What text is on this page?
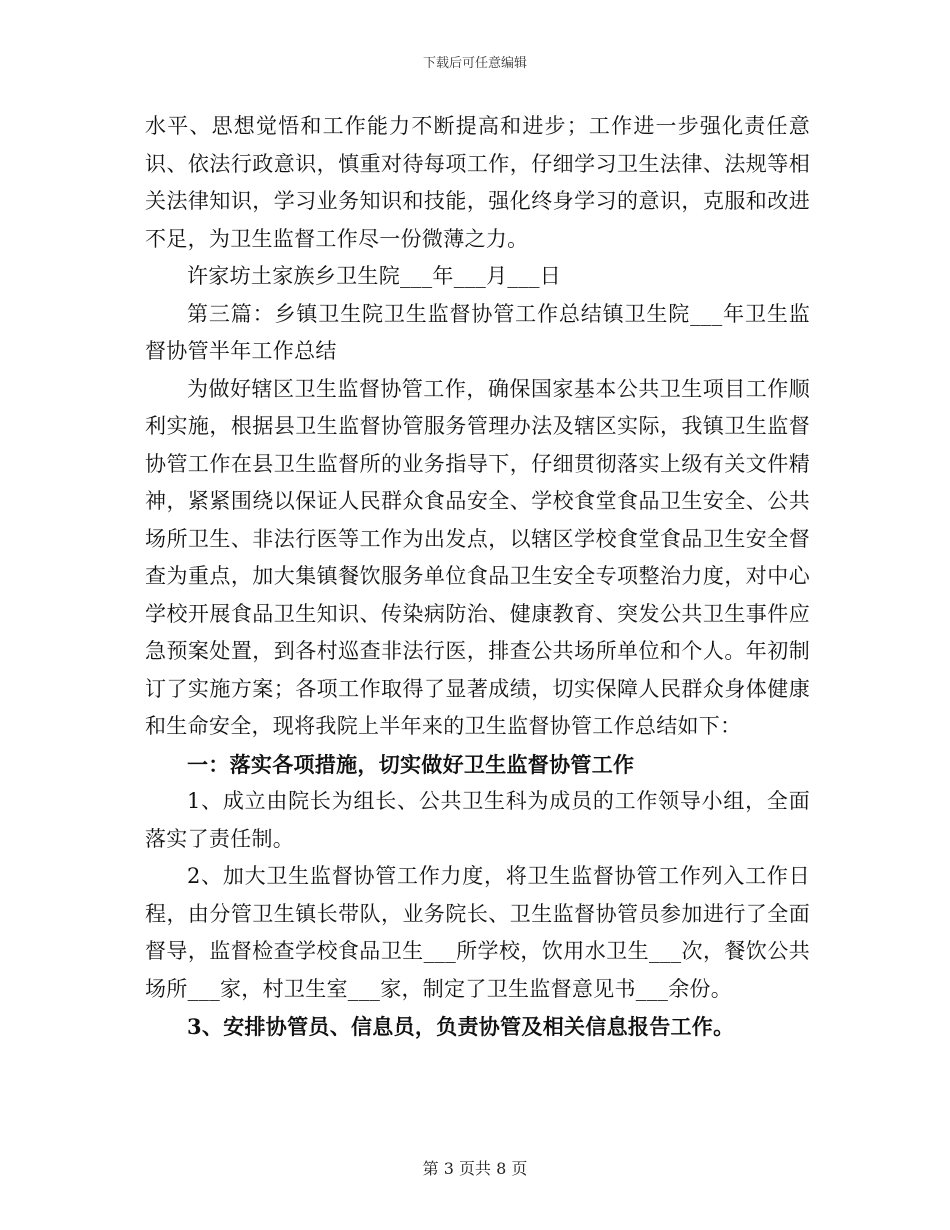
下载后可任意编辑

水平、思想觉悟和工作能力不断提高和进步；工作进一步强化责任意识、依法行政意识，慎重对待每项工作，仔细学习卫生法律、法规等相关法律知识，学习业务知识和技能，强化终身学习的意识，克服和改进不足，为卫生监督工作尽一份微薄之力。

许家坊土家族乡卫生院___年___月___日

第三篇：乡镇卫生院卫生监督协管工作总结镇卫生院___年卫生监督协管半年工作总结

为做好辖区卫生监督协管工作，确保国家基本公共卫生项目工作顺利实施，根据县卫生监督协管服务管理办法及辖区实际，我镇卫生监督协管工作在县卫生监督所的业务指导下，仔细贯彻落实上级有关文件精神，紧紧围绕以保证人民群众食品安全、学校食堂食品卫生安全、公共场所卫生、非法行医等工作为出发点，以辖区学校食堂食品卫生安全督查为重点，加大集镇餐饮服务单位食品卫生安全专项整治力度，对中心学校开展食品卫生知识、传染病防治、健康教育、突发公共卫生事件应急预案处置，到各村巡查非法行医，排查公共场所单位和个人。年初制订了实施方案；各项工作取得了显著成绩，切实保障人民群众身体健康和生命安全，现将我院上半年来的卫生监督协管工作总结如下：

一：落实各项措施，切实做好卫生监督协管工作

1、成立由院长为组长、公共卫生科为成员的工作领导小组，全面落实了责任制。

2、加大卫生监督协管工作力度，将卫生监督协管工作列入工作日程，由分管卫生镇长带队，业务院长、卫生监督协管员参加进行了全面督导，监督检查学校食品卫生___所学校，饮用水卫生___次，餐饮公共场所___家，村卫生室___家，制定了卫生监督意见书___余份。

3、安排协管员、信息员，负责协管及相关信息报告工作。

第 3 页共 8 页
